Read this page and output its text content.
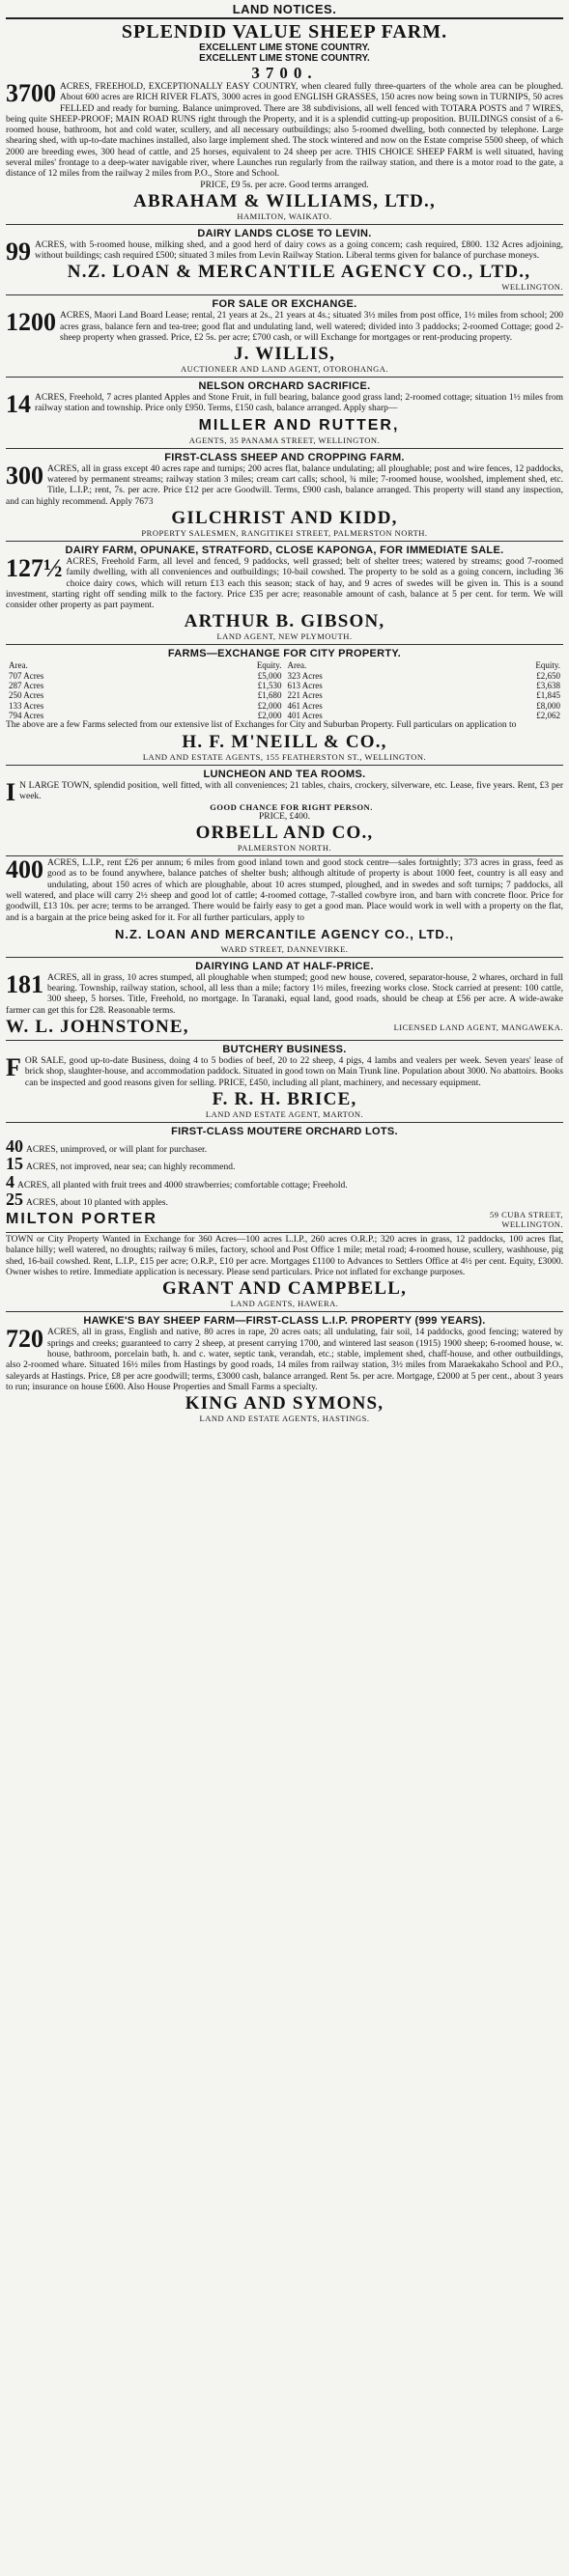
LAND NOTICES.
SPLENDID VALUE SHEEP FARM.
EXCELLENT LIME STONE COUNTRY.
EXCELLENT LIME STONE COUNTRY.
3700.
3700 ACRES, FREEHOLD, EXCEPTIONALLY EASY COUNTRY, when cleared fully three-quarters of the whole area can be ploughed. About 600 acres are RICH RIVER FLATS, 3000 acres in good ENGLISH GRASSES, 150 acres now being sown in TURNIPS, 50 acres FELLED and ready for burning. Balance unimproved. There are 38 subdivisions, all well fenced with TOTARA POSTS and 7 WIRES, being quite SHEEP-PROOF; MAIN ROAD RUNS right through the Property, and it is a splendid cutting-up proposition. BUILDINGS consist of a 6-roomed house, bathroom, hot and cold water, scullery, and all necessary outbuildings; also 5-roomed dwelling, both connected by telephone. Large shearing shed, with up-to-date machines installed, also large implement shed. The stock wintered and now on the Estate comprise 5500 sheep, of which 2000 are breeding ewes, 300 head of cattle, and 25 horses, equivalent to 24 sheep per acre. THIS CHOICE SHEEP FARM is well situated, having several miles' frontage to a deep-water navigable river, where Launches run regularly from the railway station, and there is a motor road to the gate, a distance of 12 miles from the railway 2 miles from P.O., Store and School.
PRICE, £9 5s. per acre. Good terms arranged.
ABRAHAM & WILLIAMS, LTD.,
HAMILTON, WAIKATO.
DAIRY LANDS CLOSE TO LEVIN.
99 ACRES, with 5-roomed house, milking shed, and a good herd of dairy cows as a going concern; cash required, £800. 132 Acres adjoining, without buildings; cash required £500; situated 3 miles from Levin Railway Station. Liberal terms given for balance of purchase moneys.
N.Z. LOAN & MERCANTILE AGENCY CO., LTD.,
WELLINGTON.
FOR SALE OR EXCHANGE.
1200 ACRES, Maori Land Board Lease; rental, 21 years at 2s., 21 years at 4s.; situated 3½ miles from post office, 1½ miles from school; 200 acres grass, balance fern and tea-tree; good flat and undulating land, well watered; divided into 3 paddocks; 2-roomed Cottage; good 2-sheep property when grassed. Price, £2 5s. per acre; £700 cash, or will Exchange for mortgages or rent-producing property.
J. WILLIS,
AUCTIONEER AND LAND AGENT, OTOROHANGA.
NELSON ORCHARD SACRIFICE.
14 ACRES, Freehold, 7 acres planted Apples and Stone Fruit, in full bearing, balance good grass land; 2-roomed cottage; situation 1½ miles from railway station and township. Price only £950. Terms, £150 cash, balance arranged. Apply sharp—
MILLER AND RUTTER,
AGENTS, 35 PANAMA STREET, WELLINGTON.
FIRST-CLASS SHEEP AND CROPPING FARM.
300 ACRES, all in grass except 40 acres rape and turnips; 200 acres flat, balance undulating; all ploughable; post and wire fences, 12 paddocks, watered by permanent streams; railway station 3 miles; cream cart calls; school, ¾ mile; 7-roomed house, woolshed, implement shed, etc. Title, L.I.P.; rent, 7s. per acre. Price £12 per acre Goodwill. Terms, £900 cash, balance arranged. This property will stand any inspection, and can highly recommend. Apply 7673
GILCHRIST AND KIDD,
PROPERTY SALESMEN, RANGITIKEI STREET, PALMERSTON NORTH.
DAIRY FARM, OPUNAKE, STRATFORD, CLOSE KAPONGA, FOR IMMEDIATE SALE.
127½ ACRES, Freehold Farm, all level and fenced, 9 paddocks, well grassed; belt of shelter trees; watered by streams; good 7-roomed family dwelling, with all conveniences and outbuildings; 10-bail cowshed. The property to be sold as a going concern, including 36 choice dairy cows, which will return £13 each this season; stack of hay, and 9 acres of swedes will be given in. This is a sound investment, starting right off sending milk to the factory. Price £35 per acre; reasonable amount of cash, balance at 5 per cent. for term. We will consider other property as part payment.
ARTHUR B. GIBSON,
LAND AGENT, NEW PLYMOUTH.
FARMS—EXCHANGE FOR CITY PROPERTY.
Area.	Equity.	Area.	Equity.
707 Acres	£5,000	323 Acres	£2,650
287 Acres	£1,530	613 Acres	£3,638
250 Acres	£1,680	221 Acres	£1,845
133 Acres	£2,000	461 Acres	£8,000
794 Acres	£2,000	401 Acres	£2,062
The above are a few Farms selected from our extensive list of Exchanges for City and Suburban Property. Full particulars on application to
H. F. M'NEILL & CO.,
LAND AND ESTATE AGENTS, 155 FEATHERSTON ST., WELLINGTON.
LUNCHEON AND TEA ROOMS.
I N LARGE TOWN, splendid position, well fitted, with all conveniences; 21 tables, chairs, crockery, silverware, etc. Lease, five years. Rent, £3 per week.
GOOD CHANCE FOR RIGHT PERSON.
PRICE, £400.
ORBELL AND CO.,
PALMERSTON NORTH.
400 ACRES, L.I.P., rent £26 per annum; 6 miles from good inland town and good stock centre—sales fortnightly; 373 acres in grass, feed as good as to be found anywhere, balance patches of shelter bush; although altitude of property is about 1000 feet, country is all easy and undulating, about 150 acres of which are ploughable, about 10 acres stumped, ploughed, and in swedes and soft turnips; 7 paddocks, all well watered, and place will carry 2½ sheep and good lot of cattle; 4-roomed cottage, 7-stalled cowbyre iron, and barn with concrete floor. Price for goodwill, £13 10s. per acre; terms to be arranged. There would be fairly easy to get a good man. Place would work in well with a property on the flat, and is a bargain at the price being asked for it. For all further particulars, apply to
N.Z. LOAN AND MERCANTILE AGENCY CO., LTD.,
WARD STREET, DANNEVIRKE.
DAIRYING LAND AT HALF-PRICE.
181 ACRES, all in grass, 10 acres stumped, all ploughable when stumped; good new house, covered, separator-house, 2 whares, orchard in full bearing. Township, railway station, school, all less than a mile; factory 1½ miles, freezing works close. Stock carried at present: 100 cattle, 300 sheep, 5 horses. Title, Freehold, no mortgage. In Taranaki, equal land, good roads, should be cheap at £56 per acre. A wide-awake farmer can get this for £28. Reasonable terms.
W. L. JOHNSTONE,	LICENSED LAND AGENT, MANGAWEKA.
BUTCHERY BUSINESS.
FOR SALE, good up-to-date Business, doing 4 to 5 bodies of beef, 20 to 22 sheep, 4 pigs, 4 lambs and vealers per week. Seven years' lease of brick shop, slaughter-house, and accommodation paddock. Situated in good town on Main Trunk line. Population about 3000. No abattoirs. Books can be inspected and good reasons given for selling. PRICE, £450, including all plant, machinery, and necessary equipment.
F. R. H. BRICE,
LAND AND ESTATE AGENT, MARTON.
FIRST-CLASS MOUTERE ORCHARD LOTS.
40 ACRES, unimproved, or will plant for purchaser.
15 ACRES, not improved, near sea; can highly recommend.
4 ACRES, all planted with fruit trees and 4000 strawberries; comfortable cottage; Freehold.
25 ACRES, about 10 planted with apples.
MILTON PORTER	59 CUBA STREET, WELLINGTON.
TOWN or City Property Wanted in Exchange for 360 Acres—100 acres L.I.P., 260 acres O.R.P.; 320 acres in grass, 12 paddocks, 100 acres flat, balance hilly; well watered, no droughts; railway 6 miles, factory, school and Post Office 1 mile; metal road; 4-roomed house, scullery, washhouse, pig shed, 16-bail cowshed. Rent, L.I.P., £15 per acre; O.R.P., £10 per acre. Mortgages £1100 to Advances to Settlers Office at 4½ per cent. Equity, £3000. Owner wishes to retire. Immediate application is necessary. Please send particulars. Price not inflated for exchange purposes.
GRANT AND CAMPBELL,
LAND AGENTS, HAWERA.
HAWKE'S BAY SHEEP FARM—FIRST-CLASS L.I.P. PROPERTY (999 YEARS).
720 ACRES, all in grass, English and native, 80 acres in rape, 20 acres oats; all undulating, fair soil, 14 paddocks, good fencing; watered by springs and creeks; guaranteed to carry 2 sheep, at present carrying 1700, and wintered last season (1915) 1900 sheep; 6-roomed house, w. house, bathroom, porcelain bath, h. and c. water, septic tank, verandah, etc.; stable, implement shed, chaff-house, and other outbuildings, also 2-roomed whare. Situated 16½ miles from Hastings by good roads, 14 miles from railway station, 3½ miles from Maraekakaho School and P.O., saleyards at Hastings. Price, £8 per acre goodwill; terms, £3000 cash, balance arranged. Rent 5s. per acre. Mortgage, £2000 at 5 per cent., about 3 years to run; insurance on house £600. Also House Properties and Small Farms a specialty.
KING AND SYMONS,
LAND AND ESTATE AGENTS, HASTINGS.
